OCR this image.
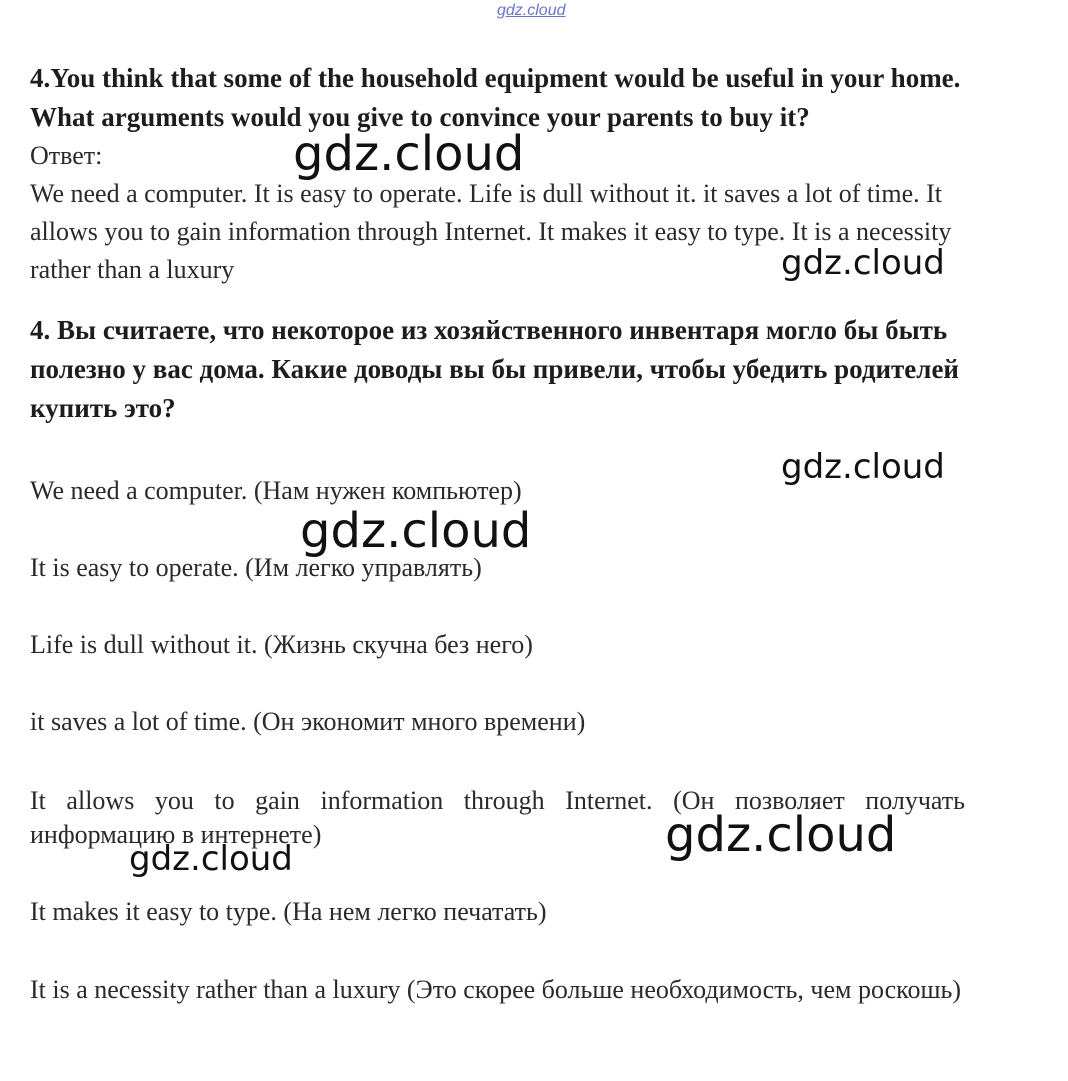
gdz.cloud
4.You think that some of the household equipment would be useful in your home. What arguments would you give to convince your parents to buy it?
Ответ:
We need a computer. It is easy to operate. Life is dull without it. it saves a lot of time. It allows you to gain information through Internet. It makes it easy to type. It is a necessity rather than a luxury
4. Вы считаете, что некоторое из хозяйственного инвентаря могло бы быть полезно у вас дома. Какие доводы вы бы привели, чтобы убедить родителей купить это?
We need a computer. (Нам нужен компьютер)
It is easy to operate. (Им легко управлять)
Life is dull without it. (Жизнь скучна без него)
it saves a lot of time. (Он экономит много времени)
It allows you to gain information through Internet. (Он позволяет получать информацию в интернете)
It makes it easy to type. (На нем легко печатать)
It is a necessity rather than a luxury (Это скорее больше необходимость, чем роскошь)
gdz.cloud
gdz.cloud
gdz.cloud
gdz.cloud
gdz.cloud
gdz.cloud
